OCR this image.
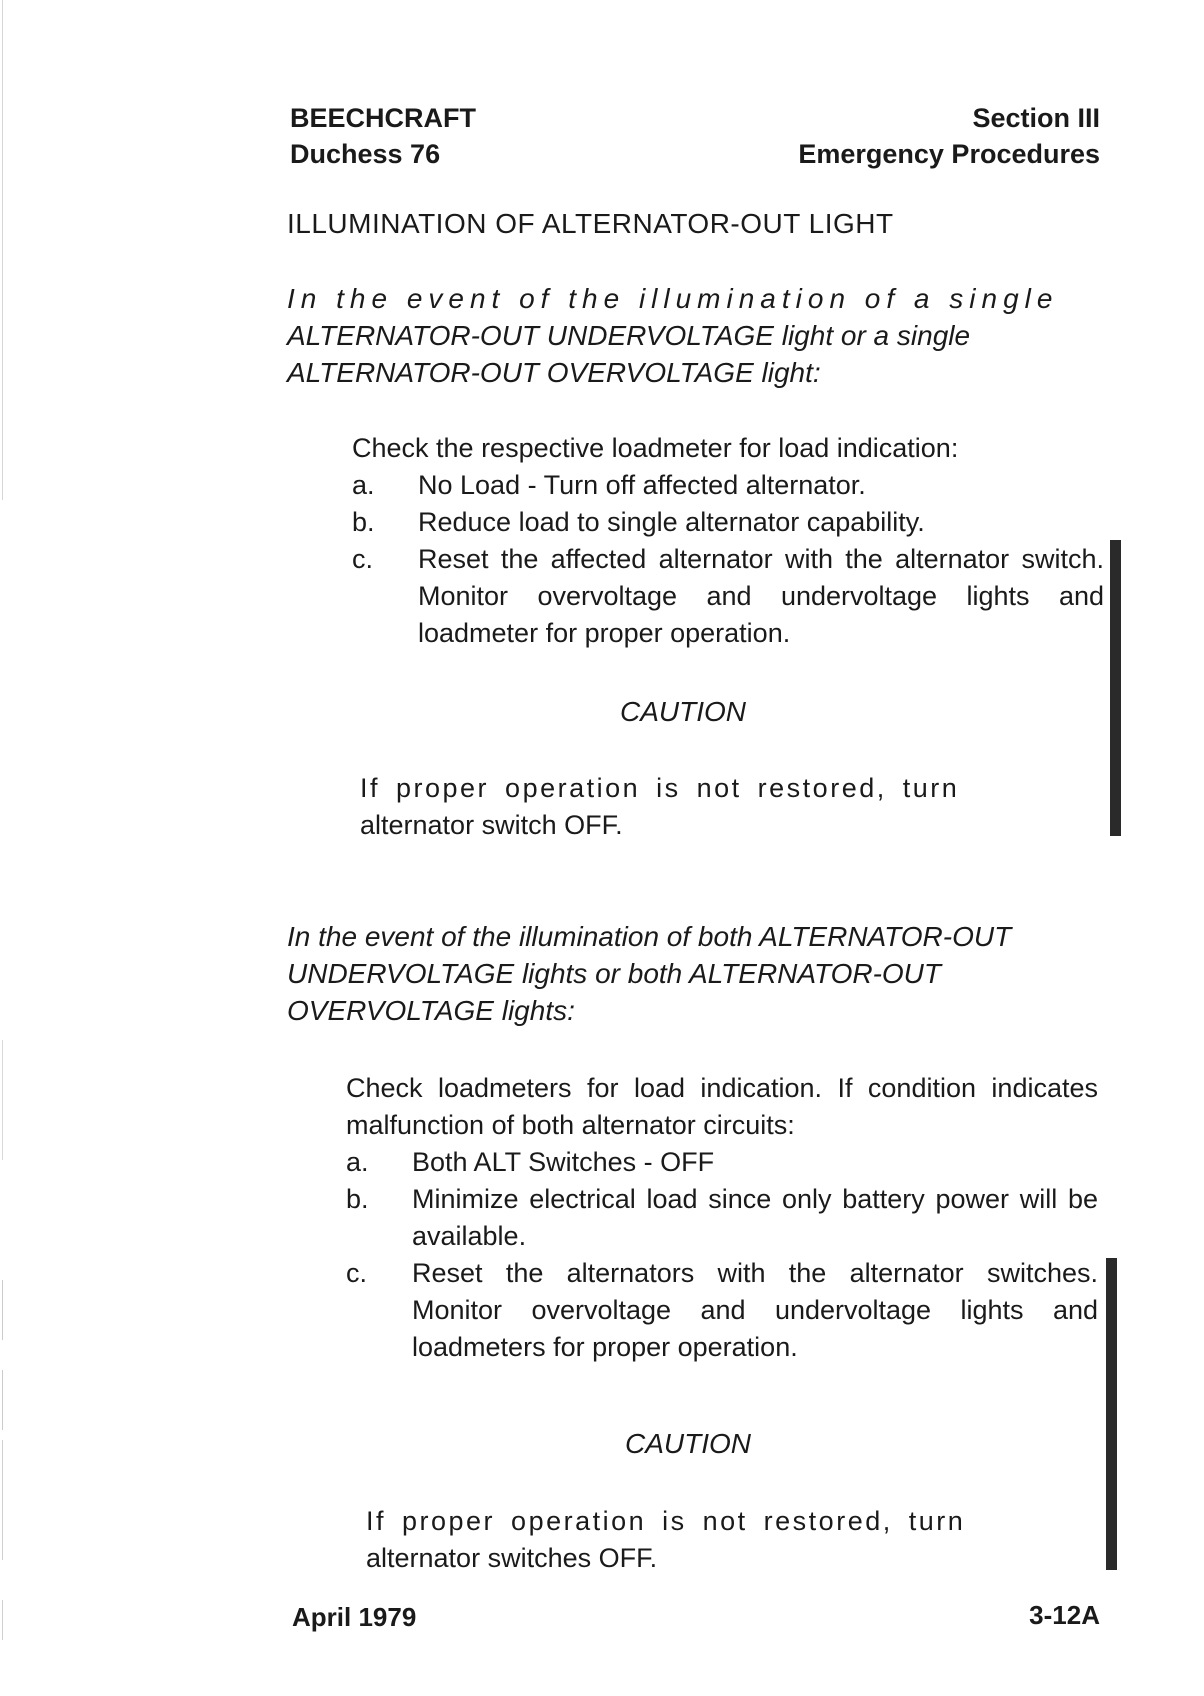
BEECHCRAFT
Duchess 76
Section III
Emergency Procedures
ILLUMINATION OF ALTERNATOR-OUT LIGHT
In the event of the illumination of a single
ALTERNATOR-OUT UNDERVOLTAGE light or a single
ALTERNATOR-OUT OVERVOLTAGE light:
Check the respective loadmeter for load indication:
a.	No Load - Turn off affected alternator.
b.	Reduce load to single alternator capability.
c.	Reset the affected alternator with the alternator switch. Monitor overvoltage and undervoltage lights and loadmeter for proper operation.
CAUTION
If proper operation is not restored, turn
alternator switch OFF.
In the event of the illumination of both ALTERNATOR-OUT
UNDERVOLTAGE lights or both ALTERNATOR-OUT
OVERVOLTAGE lights:
Check loadmeters for load indication. If condition indicates malfunction of both alternator circuits:
a.	Both ALT Switches - OFF
b.	Minimize electrical load since only battery power will be available.
c.	Reset the alternators with the alternator switches. Monitor overvoltage and undervoltage lights and loadmeters for proper operation.
CAUTION
If proper operation is not restored, turn
alternator switches OFF.
April 1979	3-12A
